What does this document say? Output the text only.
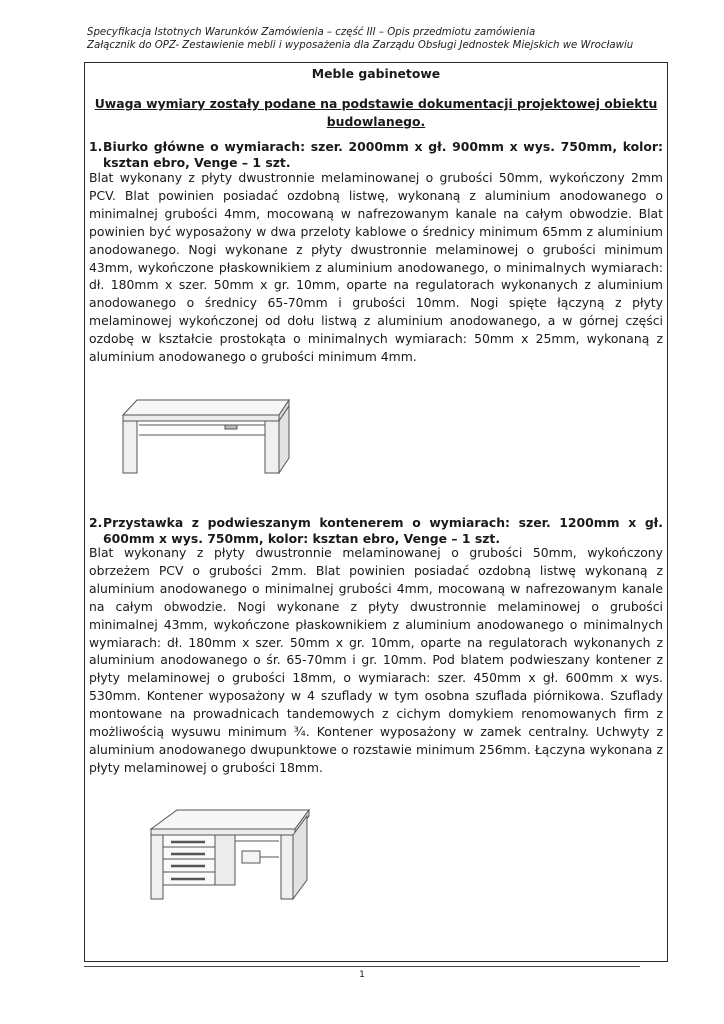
Specyfikacja Istotnych Warunków Zamówienia – część III – Opis przedmiotu zamówienia
Załącznik do OPZ- Zestawienie mebli i wyposażenia dla Zarządu Obsługi Jednostek Miejskich we Wrocławiu
Meble gabinetowe
Uwaga wymiary zostały podane na podstawie dokumentacji projektowej obiektu budowlanego.
1. Biurko główne o wymiarach: szer. 2000mm x gł. 900mm x wys. 750mm, kolor: ksztan ebro, Venge – 1 szt.
Blat wykonany z płyty dwustronnie melaminowanej o grubości 50mm, wykończony 2mm PCV. Blat powinien posiadać ozdobną listwę, wykonaną z aluminium anodowanego o minimalnej grubości 4mm, mocowaną w nafrezowanym kanale na całym obwodzie. Blat powinien być wyposażony w dwa przeloty kablowe o średnicy minimum 65mm z aluminium anodowanego. Nogi wykonane z płyty dwustronnie melaminowej o grubości minimum 43mm, wykończone płaskownikiem z aluminium anodowanego, o minimalnych wymiarach: dł. 180mm x szer. 50mm x gr. 10mm, oparte na regulatorach wykonanych z aluminium anodowanego o średnicy 65-70mm i grubości 10mm. Nogi spięte łączyną z płyty melaminowej wykończonej od dołu listwą z aluminium anodowanego, a w górnej części ozdobę w kształcie prostokąta o minimalnych wymiarach: 50mm x 25mm, wykonaną z aluminium anodowanego o grubości minimum 4mm.
2. Przystawka z podwieszanym kontenerem o wymiarach: szer. 1200mm x gł. 600mm x wys. 750mm, kolor: ksztan ebro, Venge – 1 szt.
Blat wykonany z płyty dwustronnie melaminowanej o grubości 50mm, wykończony obrzeżem PCV o grubości 2mm. Blat powinien posiadać ozdobną listwę wykonaną z aluminium anodowanego o minimalnej grubości 4mm, mocowaną w nafrezowanym kanale na całym obwodzie. Nogi wykonane z płyty dwustronnie melaminowej o grubości minimalnej 43mm, wykończone płaskownikiem z aluminium anodowanego o minimalnych wymiarach: dł. 180mm x szer. 50mm x gr. 10mm, oparte na regulatorach wykonanych z aluminium anodowanego o śr. 65-70mm i gr. 10mm. Pod blatem podwieszany kontener z płyty melaminowej o grubości 18mm, o wymiarach: szer. 450mm x gł. 600mm x wys. 530mm. Kontener wyposażony w 4 szuflady w tym osobna szuflada piórnikowa. Szuflady montowane na prowadnicach tandemowych z cichym domykiem renomowanych firm z możliwością wysuwu minimum ¾. Kontener wyposażony w zamek centralny. Uchwyty z aluminium anodowanego dwupunktowe o rozstawie minimum 256mm. Łączyna wykonana z płyty melaminowej o grubości 18mm.
1
